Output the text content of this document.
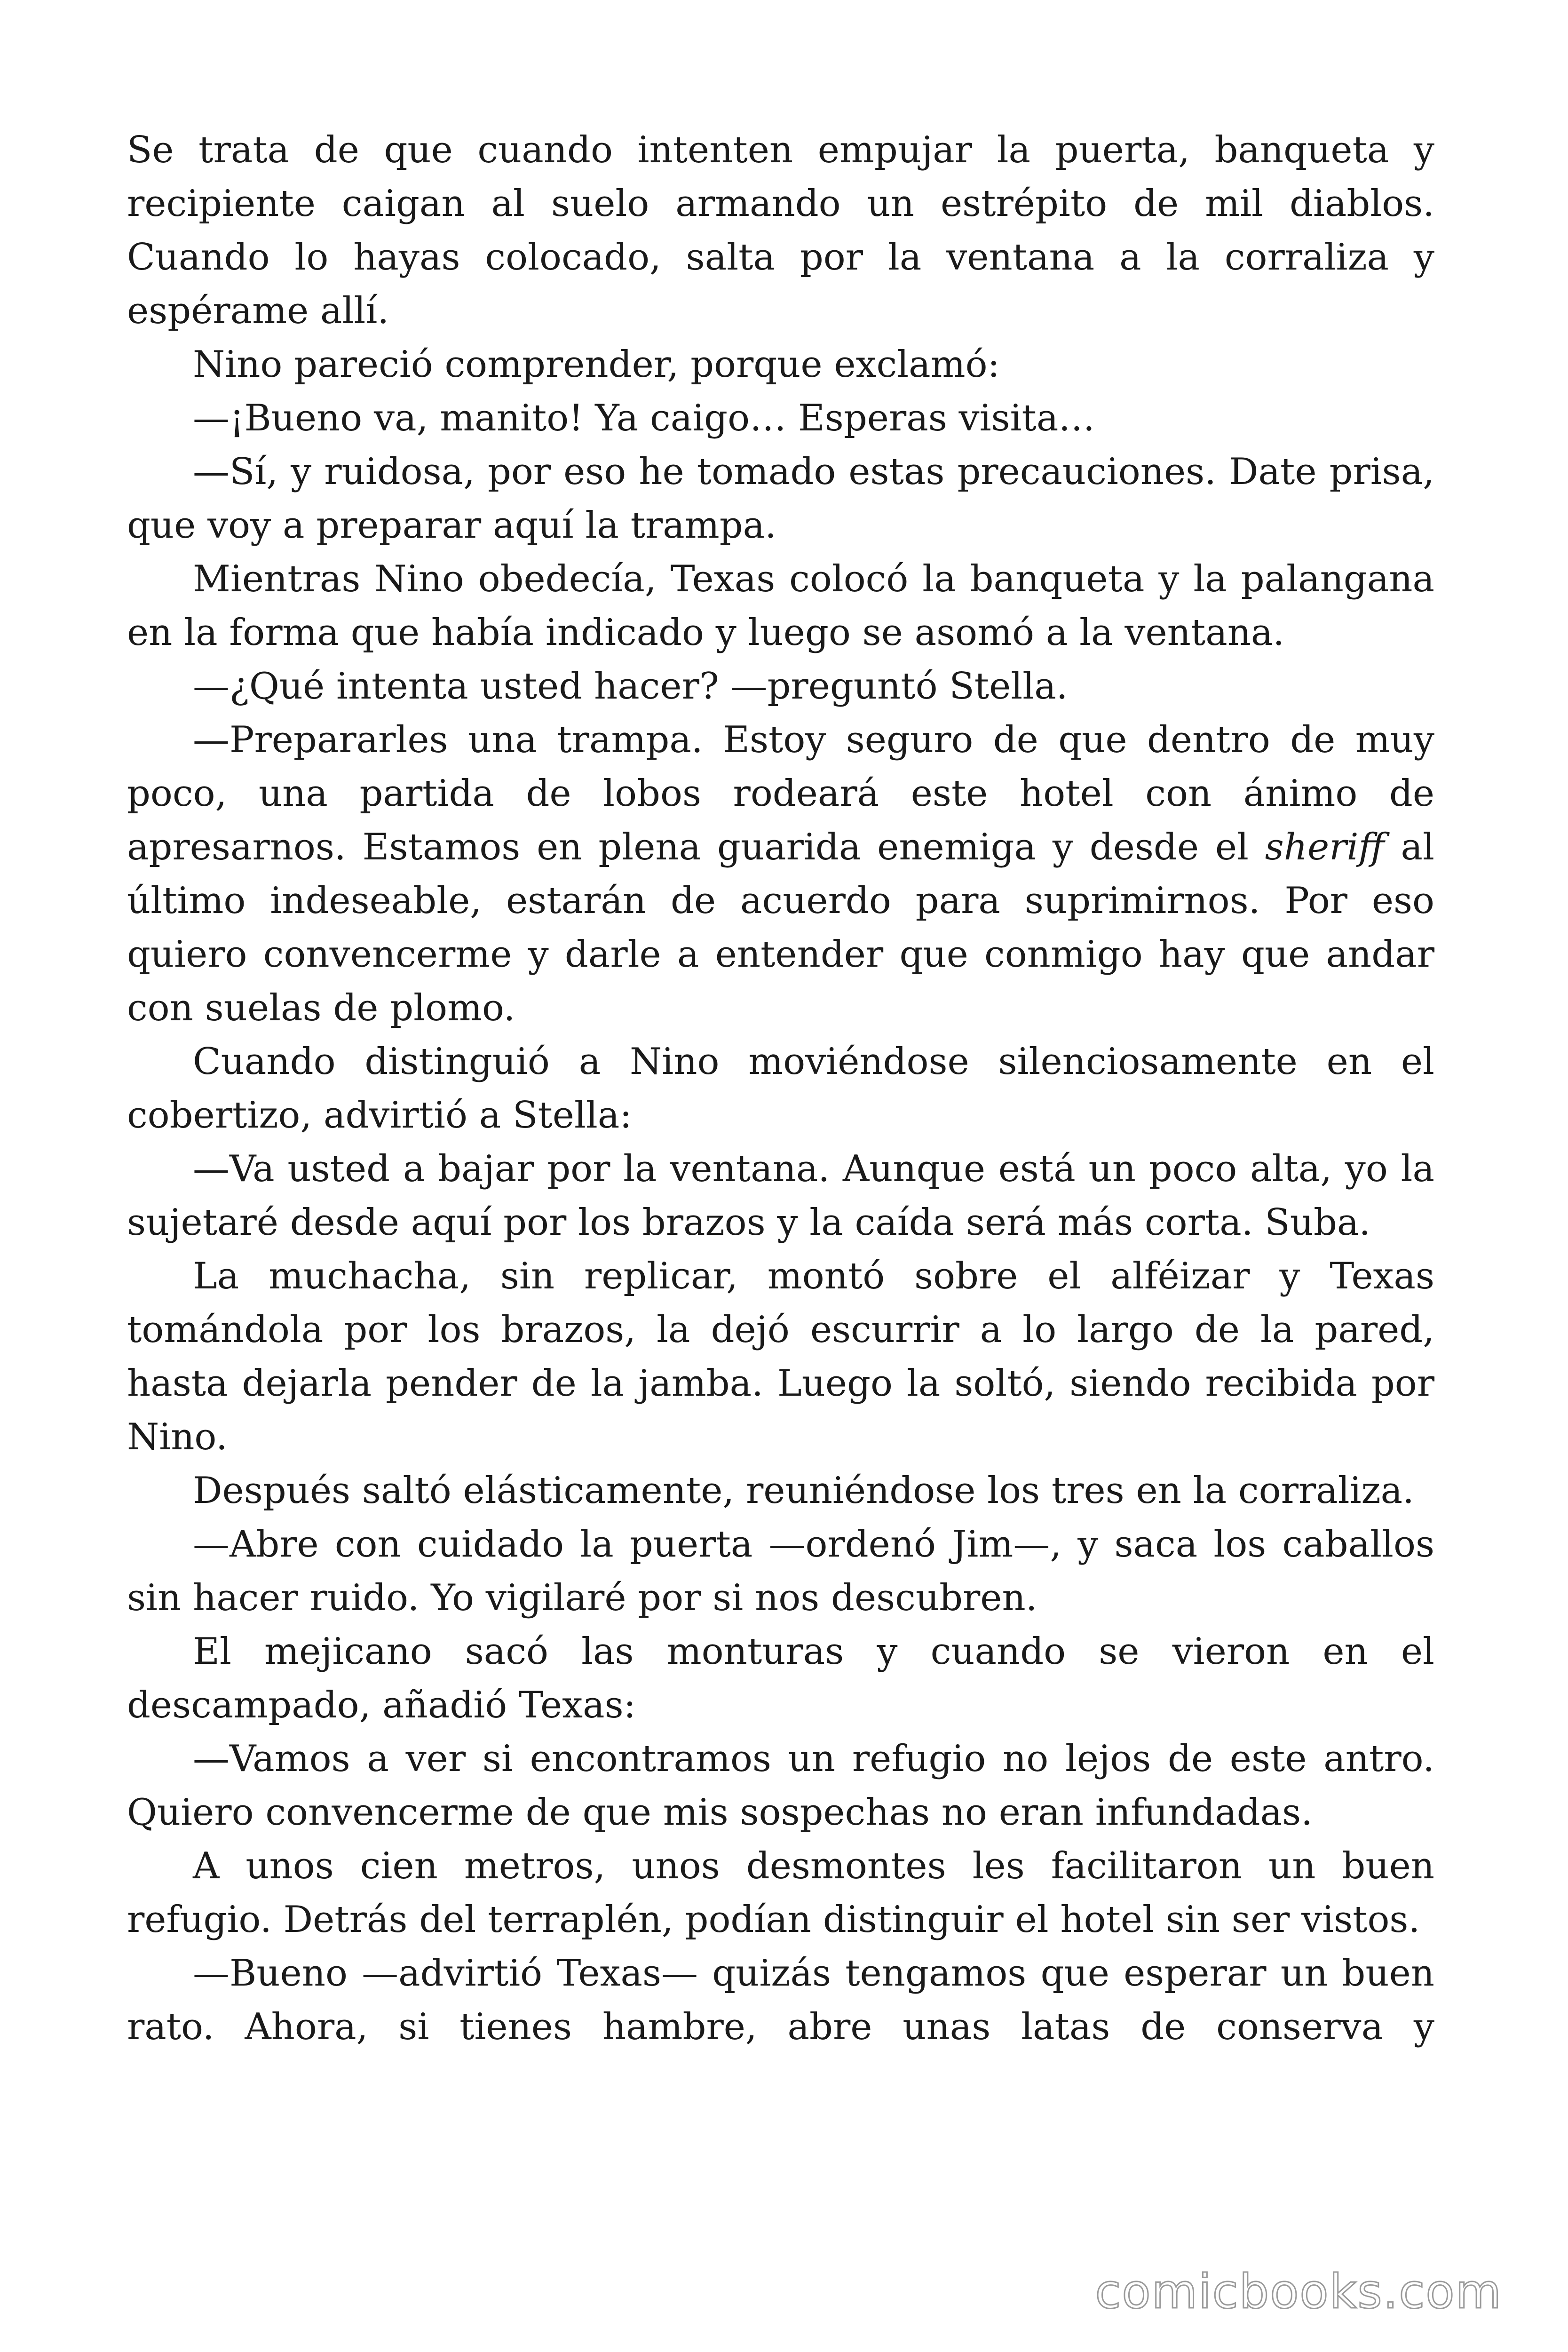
Se trata de que cuando intenten empujar la puerta, banqueta y recipiente caigan al suelo armando un estrépito de mil diablos. Cuando lo hayas colocado, salta por la ventana a la corraliza y espérame allí.

Nino pareció comprender, porque exclamó:

—¡Bueno va, manito! Ya caigo… Esperas visita…

—Sí, y ruidosa, por eso he tomado estas precauciones. Date prisa, que voy a preparar aquí la trampa.

Mientras Nino obedecía, Texas colocó la banqueta y la palangana en la forma que había indicado y luego se asomó a la ventana.

—¿Qué intenta usted hacer? —preguntó Stella.

—Prepararles una trampa. Estoy seguro de que dentro de muy poco, una partida de lobos rodeará este hotel con ánimo de apresarnos. Estamos en plena guarida enemiga y desde el sheriff al último indeseable, estarán de acuerdo para suprimirnos. Por eso quiero convencerme y darle a entender que conmigo hay que andar con suelas de plomo.

Cuando distinguió a Nino moviéndose silenciosamente en el cobertizo, advirtió a Stella:

—Va usted a bajar por la ventana. Aunque está un poco alta, yo la sujetaré desde aquí por los brazos y la caída será más corta. Suba.

La muchacha, sin replicar, montó sobre el alféizar y Texas tomándola por los brazos, la dejó escurrir a lo largo de la pared, hasta dejarla pender de la jamba. Luego la soltó, siendo recibida por Nino.

Después saltó elásticamente, reuniéndose los tres en la corraliza.

—Abre con cuidado la puerta —ordenó Jim—, y saca los caballos sin hacer ruido. Yo vigilaré por si nos descubren.

El mejicano sacó las monturas y cuando se vieron en el descampado, añadió Texas:

—Vamos a ver si encontramos un refugio no lejos de este antro. Quiero convencerme de que mis sospechas no eran infundadas.

A unos cien metros, unos desmontes les facilitaron un buen refugio. Detrás del terraplén, podían distinguir el hotel sin ser vistos.

—Bueno —advirtió Texas— quizás tengamos que esperar un buen rato. Ahora, si tienes hambre, abre unas latas de conserva y

comicbooks.com
